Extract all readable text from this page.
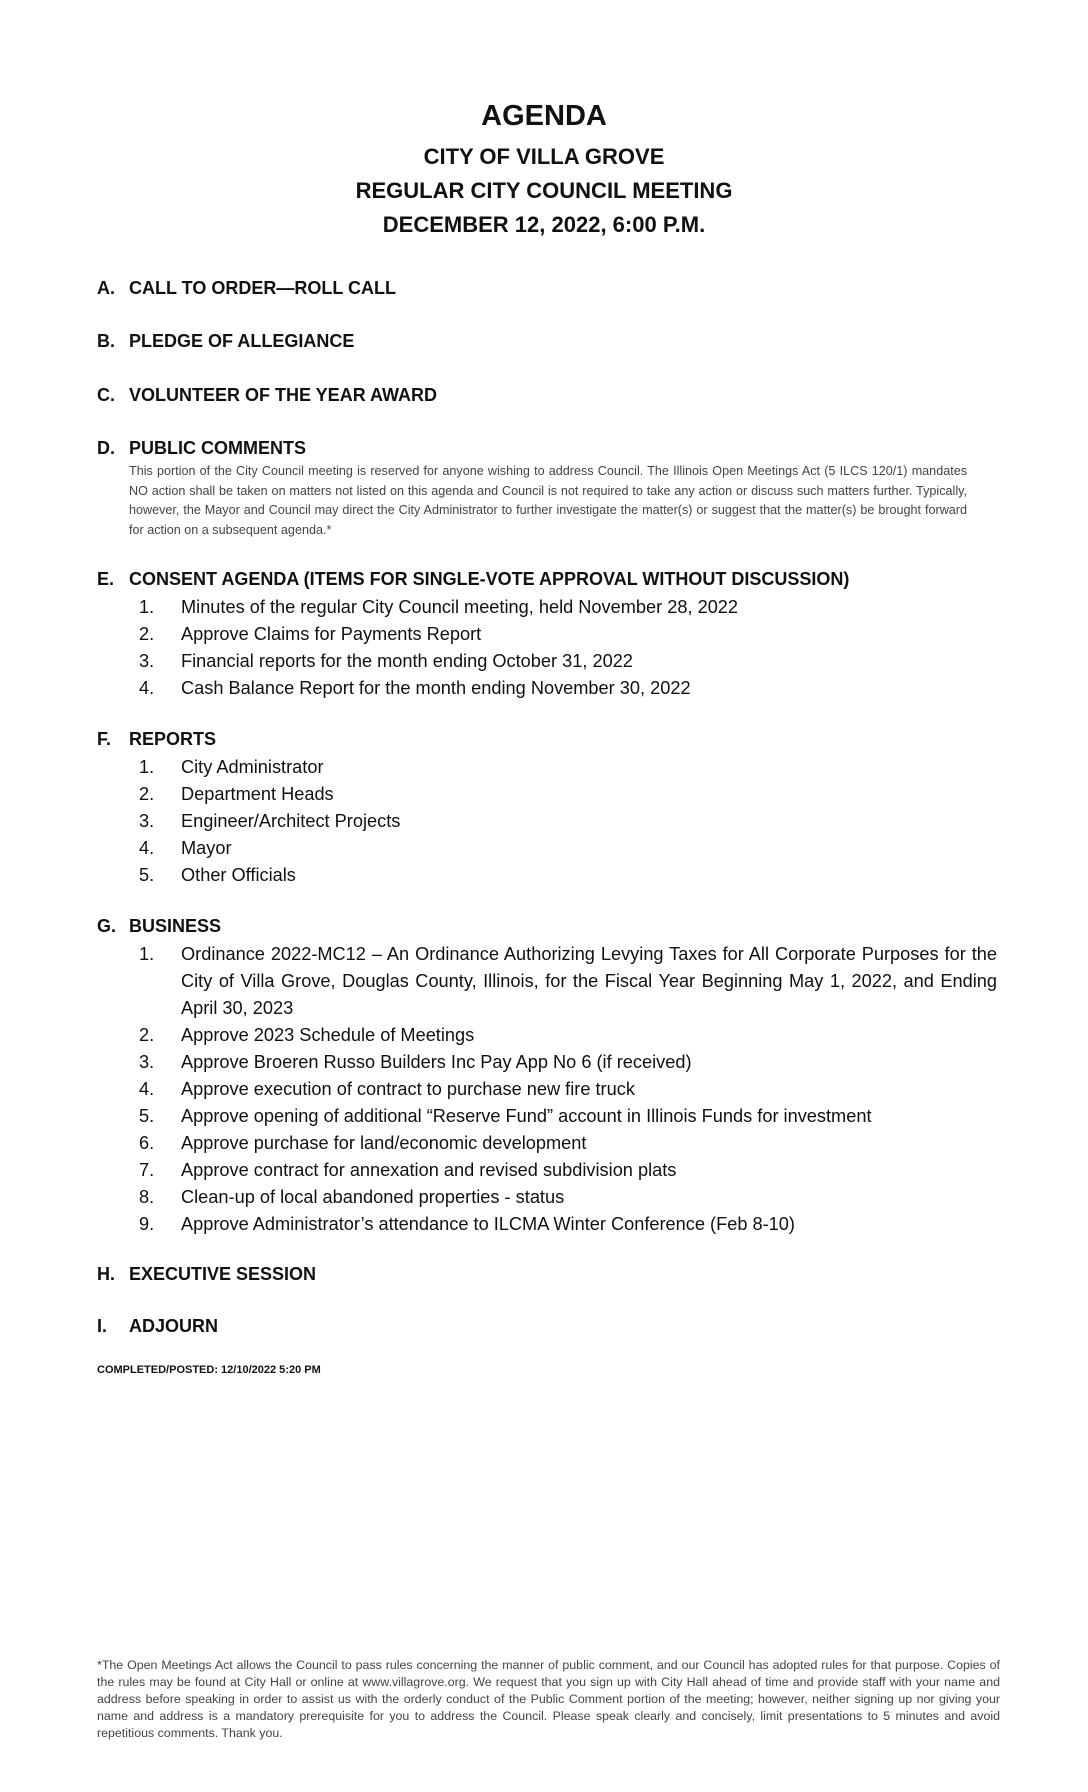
AGENDA
CITY OF VILLA GROVE
REGULAR CITY COUNCIL MEETING
DECEMBER 12, 2022, 6:00 P.M.
A. CALL TO ORDER—ROLL CALL
B. PLEDGE OF ALLEGIANCE
C. VOLUNTEER OF THE YEAR AWARD
D. PUBLIC COMMENTS
This portion of the City Council meeting is reserved for anyone wishing to address Council. The Illinois Open Meetings Act (5 ILCS 120/1) mandates NO action shall be taken on matters not listed on this agenda and Council is not required to take any action or discuss such matters further. Typically, however, the Mayor and Council may direct the City Administrator to further investigate the matter(s) or suggest that the matter(s) be brought forward for action on a subsequent agenda.*
E. CONSENT AGENDA (ITEMS FOR SINGLE-VOTE APPROVAL WITHOUT DISCUSSION)
1. Minutes of the regular City Council meeting, held November 28, 2022
2. Approve Claims for Payments Report
3. Financial reports for the month ending October 31, 2022
4. Cash Balance Report for the month ending November 30, 2022
F. REPORTS
1. City Administrator
2. Department Heads
3. Engineer/Architect Projects
4. Mayor
5. Other Officials
G. BUSINESS
1. Ordinance 2022-MC12 – An Ordinance Authorizing Levying Taxes for All Corporate Purposes for the City of Villa Grove, Douglas County, Illinois, for the Fiscal Year Beginning May 1, 2022, and Ending April 30, 2023
2. Approve 2023 Schedule of Meetings
3. Approve Broeren Russo Builders Inc Pay App No 6 (if received)
4. Approve execution of contract to purchase new fire truck
5. Approve opening of additional “Reserve Fund” account in Illinois Funds for investment
6. Approve purchase for land/economic development
7. Approve contract for annexation and revised subdivision plats
8. Clean-up of local abandoned properties - status
9. Approve Administrator’s attendance to ILCMA Winter Conference (Feb 8-10)
H. EXECUTIVE SESSION
I. ADJOURN
COMPLETED/POSTED: 12/10/2022 5:20 PM
*The Open Meetings Act allows the Council to pass rules concerning the manner of public comment, and our Council has adopted rules for that purpose. Copies of the rules may be found at City Hall or online at www.villagrove.org. We request that you sign up with City Hall ahead of time and provide staff with your name and address before speaking in order to assist us with the orderly conduct of the Public Comment portion of the meeting; however, neither signing up nor giving your name and address is a mandatory prerequisite for you to address the Council. Please speak clearly and concisely, limit presentations to 5 minutes and avoid repetitious comments. Thank you.
